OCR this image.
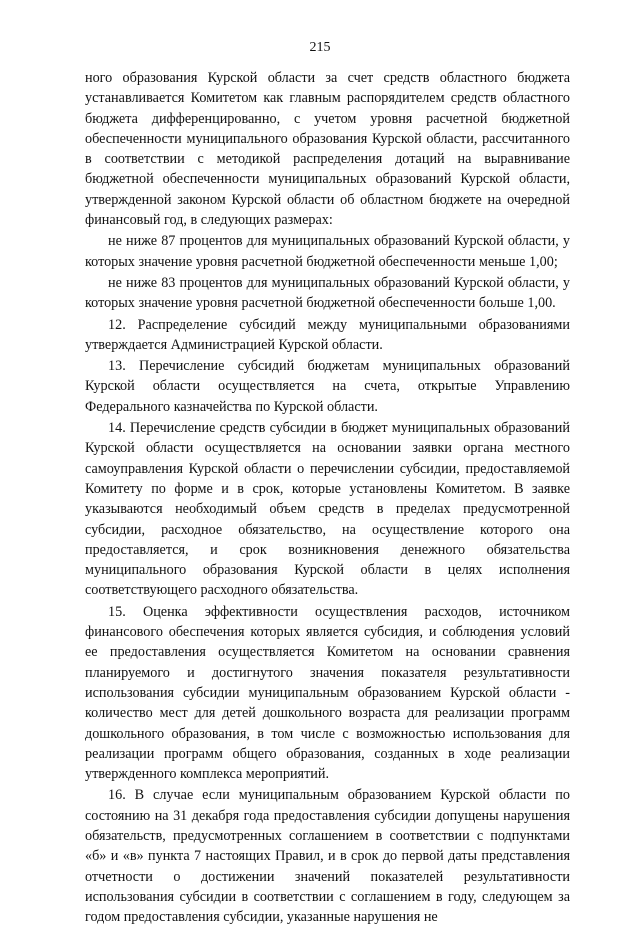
215

ного образования Курской области за счет средств областного бюджета устанавливается Комитетом как главным распорядителем средств областного бюджета дифференцированно, с учетом уровня расчетной бюджетной обеспеченности муниципального образования Курской области, рассчитанного в соответствии с методикой распределения дотаций на выравнивание бюджетной обеспеченности муниципальных образований Курской области, утвержденной законом Курской области об областном бюджете на очередной финансовый год, в следующих размерах:

не ниже 87 процентов для муниципальных образований Курской области, у которых значение уровня расчетной бюджетной обеспеченности меньше 1,00;

не ниже 83 процентов для муниципальных образований Курской области, у которых значение уровня расчетной бюджетной обеспеченности больше 1,00.

12. Распределение субсидий между муниципальными образованиями утверждается Администрацией Курской области.

13. Перечисление субсидий бюджетам муниципальных образований Курской области осуществляется на счета, открытые Управлению Федерального казначейства по Курской области.

14. Перечисление средств субсидии в бюджет муниципальных образований Курской области осуществляется на основании заявки органа местного самоуправления Курской области о перечислении субсидии, предоставляемой Комитету по форме и в срок, которые установлены Комитетом. В заявке указываются необходимый объем средств в пределах предусмотренной субсидии, расходное обязательство, на осуществление которого она предоставляется, и срок возникновения денежного обязательства муниципального образования Курской области в целях исполнения соответствующего расходного обязательства.

15. Оценка эффективности осуществления расходов, источником финансового обеспечения которых является субсидия, и соблюдения условий ее предоставления осуществляется Комитетом на основании сравнения планируемого и достигнутого значения показателя результативности использования субсидии муниципальным образованием Курской области - количество мест для детей дошкольного возраста для реализации программ дошкольного образования, в том числе с возможностью использования для реализации программ общего образования, созданных в ходе реализации утвержденного комплекса мероприятий.

16. В случае если муниципальным образованием Курской области по состоянию на 31 декабря года предоставления субсидии допущены нарушения обязательств, предусмотренных соглашением в соответствии с подпунктами «б» и «в» пункта 7 настоящих Правил, и в срок до первой даты представления отчетности о достижении значений показателей результативности использования субсидии в соответствии с соглашением в году, следующем за годом предоставления субсидии, указанные нарушения не
